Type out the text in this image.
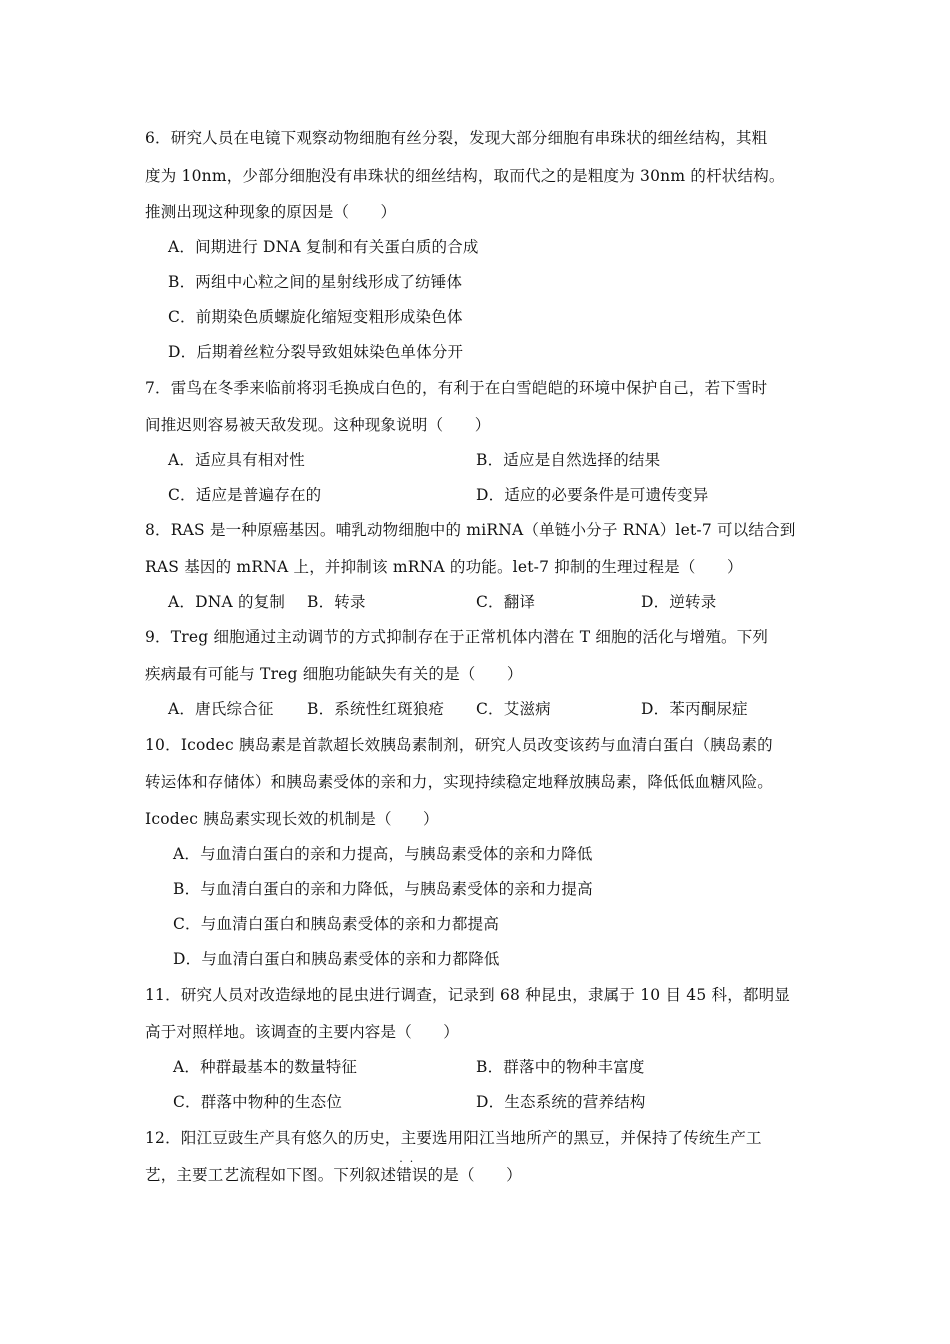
6．研究人员在电镜下观察动物细胞有丝分裂，发现大部分细胞有串珠状的细丝结构，其粗
度为 10nm，少部分细胞没有串珠状的细丝结构，取而代之的是粗度为 30nm 的杆状结构。
推测出现这种现象的原因是（　　）
A．间期进行 DNA 复制和有关蛋白质的合成
B．两组中心粒之间的星射线形成了纺锤体
C．前期染色质螺旋化缩短变粗形成染色体
D．后期着丝粒分裂导致姐妹染色单体分开
7．雷鸟在冬季来临前将羽毛换成白色的，有利于在白雪皑皑的环境中保护自己，若下雪时
间推迟则容易被天敌发现。这种现象说明（　　）
A．适应具有相对性	B．适应是自然选择的结果
C．适应是普遍存在的	D．适应的必要条件是可遗传变异
8．RAS 是一种原癌基因。哺乳动物细胞中的 miRNA（单链小分子 RNA）let-7 可以结合到
RAS 基因的 mRNA 上，并抑制该 mRNA 的功能。let-7 抑制的生理过程是（　　）
A．DNA 的复制 B．转录	C．翻译	D．逆转录
9．Treg 细胞通过主动调节的方式抑制存在于正常机体内潜在 T 细胞的活化与增殖。下列
疾病最有可能与 Treg 细胞功能缺失有关的是（　　）
A．唐氏综合征 B．系统性红斑狼疮 C．艾滋病	D．苯丙酮尿症
10．Icodec 胰岛素是首款超长效胰岛素制剂，研究人员改变该药与血清白蛋白（胰岛素的
转运体和存储体）和胰岛素受体的亲和力，实现持续稳定地释放胰岛素，降低低血糖风险。
Icodec 胰岛素实现长效的机制是（　　）
A．与血清白蛋白的亲和力提高，与胰岛素受体的亲和力降低
B．与血清白蛋白的亲和力降低，与胰岛素受体的亲和力提高
C．与血清白蛋白和胰岛素受体的亲和力都提高
D．与血清白蛋白和胰岛素受体的亲和力都降低
11．研究人员对改造绿地的昆虫进行调查，记录到 68 种昆虫，隶属于 10 目 45 科，都明显
高于对照样地。该调查的主要内容是（　　）
A．种群最基本的数量特征	B．群落中的物种丰富度
C．群落中物种的生态位	D．生态系统的营养结构
12．阳江豆豉生产具有悠久的历史，主要选用阳江当地所产的黑豆，并保持了传统生产工
艺，主要工艺流程如下图。下列叙述· · 错误的是（　　）
